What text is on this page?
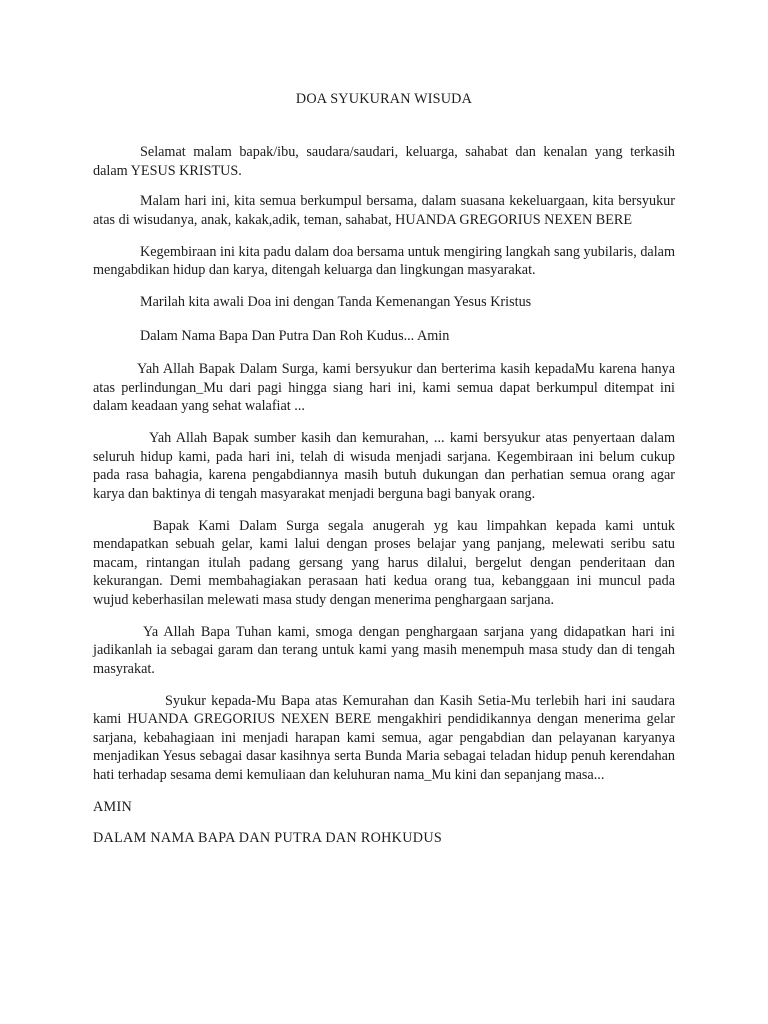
DOA SYUKURAN WISUDA

Selamat malam bapak/ibu, saudara/saudari, keluarga, sahabat dan kenalan yang terkasih dalam YESUS KRISTUS.

Malam hari ini, kita semua berkumpul bersama, dalam suasana kekeluargaan, kita bersyukur atas di wisudanya, anak, kakak,adik, teman, sahabat, HUANDA GREGORIUS NEXEN BERE

Kegembiraan ini kita padu dalam doa bersama untuk mengiring langkah sang yubilaris, dalam mengabdikan hidup dan karya, ditengah keluarga dan lingkungan masyarakat.

Marilah kita awali Doa ini dengan Tanda Kemenangan Yesus Kristus

Dalam Nama Bapa Dan Putra Dan Roh Kudus... Amin

Yah Allah Bapak Dalam Surga, kami bersyukur dan berterima kasih kepadaMu karena hanya atas perlindungan_Mu dari pagi hingga siang hari ini, kami semua dapat berkumpul ditempat ini dalam keadaan yang sehat walafiat ...

Yah Allah Bapak sumber kasih dan kemurahan, ... kami bersyukur atas penyertaan dalam seluruh hidup kami, pada hari ini, telah di wisuda menjadi sarjana. Kegembiraan ini belum cukup pada rasa bahagia, karena pengabdiannya masih butuh dukungan dan perhatian semua orang agar karya dan baktinya di tengah masyarakat menjadi berguna bagi banyak orang.

Bapak Kami Dalam Surga segala anugerah yg kau limpahkan kepada kami untuk mendapatkan sebuah gelar, kami lalui dengan proses belajar yang panjang, melewati seribu satu macam, rintangan itulah padang gersang yang harus dilalui, bergelut dengan penderitaan dan kekurangan. Demi membahagiakan perasaan hati kedua orang tua, kebanggaan ini muncul pada wujud keberhasilan melewati masa study dengan menerima penghargaan sarjana.

Ya Allah Bapa Tuhan kami, smoga dengan penghargaan sarjana yang didapatkan hari ini jadikanlah ia sebagai garam dan terang untuk kami yang masih menempuh masa study dan di tengah masyrakat.

Syukur kepada-Mu Bapa atas Kemurahan dan Kasih Setia-Mu terlebih hari ini saudara kami HUANDA GREGORIUS NEXEN BERE mengakhiri pendidikannya dengan menerima gelar sarjana, kebahagiaan ini menjadi harapan kami semua, agar pengabdian dan pelayanan karyanya menjadikan Yesus sebagai dasar kasihnya serta Bunda Maria sebagai teladan hidup penuh kerendahan hati terhadap sesama demi kemuliaan dan keluhuran nama_Mu kini dan sepanjang masa...

AMIN

DALAM NAMA BAPA DAN PUTRA DAN ROHKUDUS
